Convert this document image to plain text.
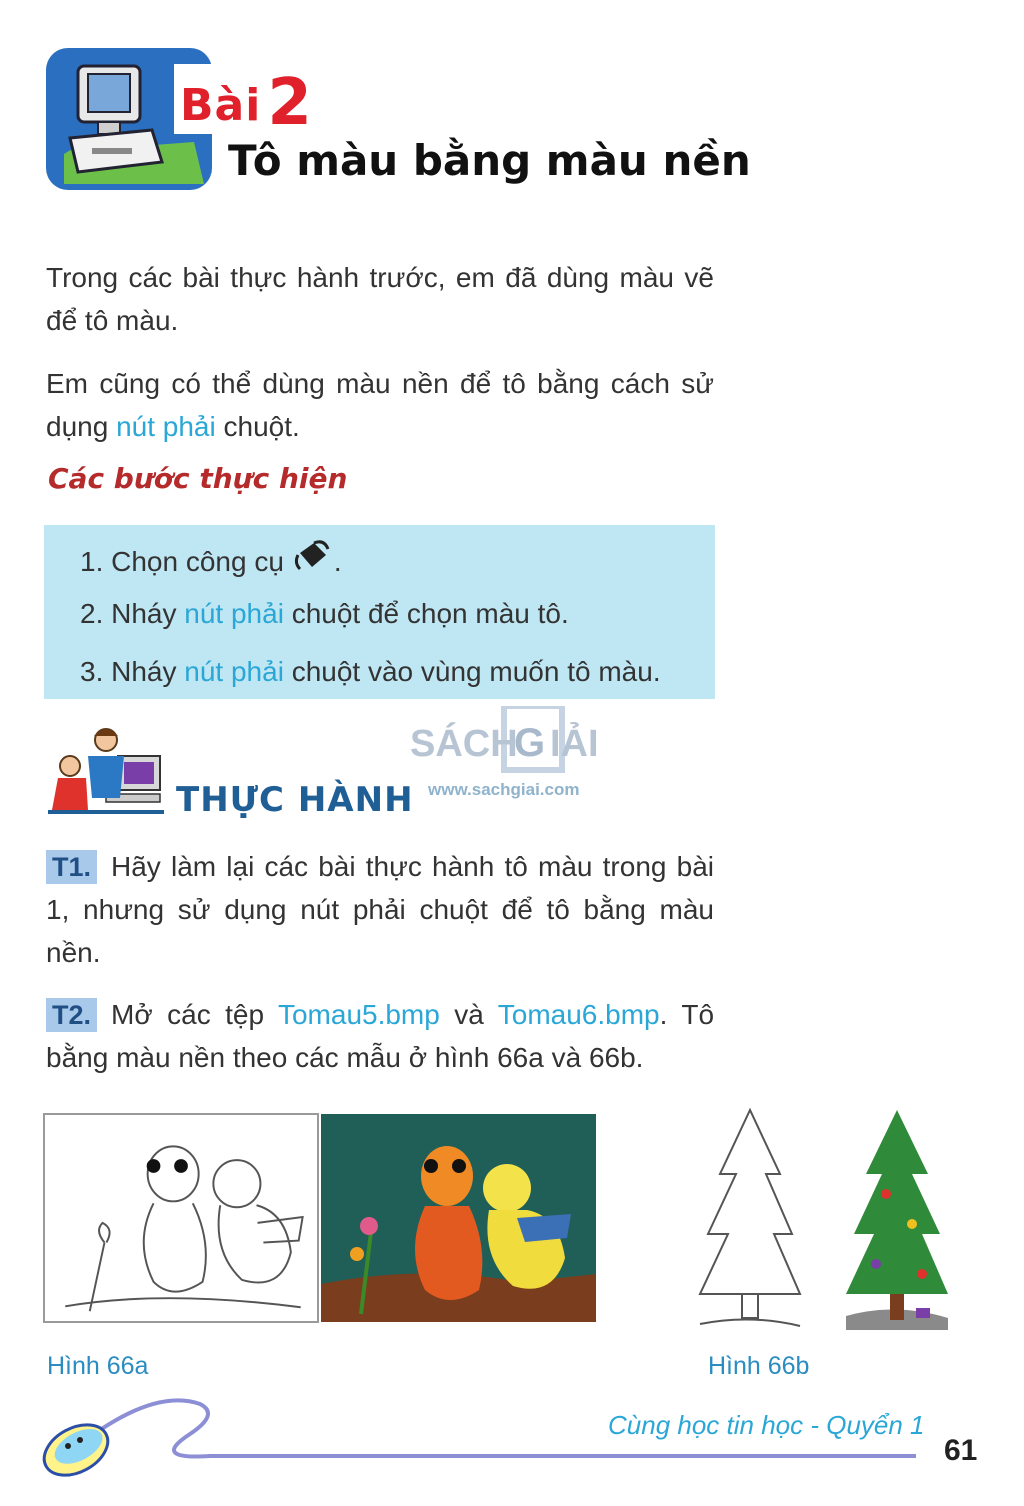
Bài2
Tô màu bằng màu nền
Trong các bài thực hành trước, em đã dùng màu vẽ để tô màu.
Em cũng có thể dùng màu nền để tô bằng cách sử dụng nút phải chuột.
Các bước thực hiện
1. Chọn công cụ .
2. Nháy nút phải chuột để chọn màu tô.
3. Nháy nút phải chuột vào vùng muốn tô màu.
SÁCH
G IẢI
www.sachgiai.com
THỰC HÀNH
T1. Hãy làm lại các bài thực hành tô màu trong bài 1, nhưng sử dụng nút phải chuột để tô bằng màu nền.
T2. Mở các tệp Tomau5.bmp và Tomau6.bmp. Tô bằng màu nền theo các mẫu ở hình 66a và 66b.
Hình 66a	Hình 66b
Cùng học tin học - Quyển 1
61
